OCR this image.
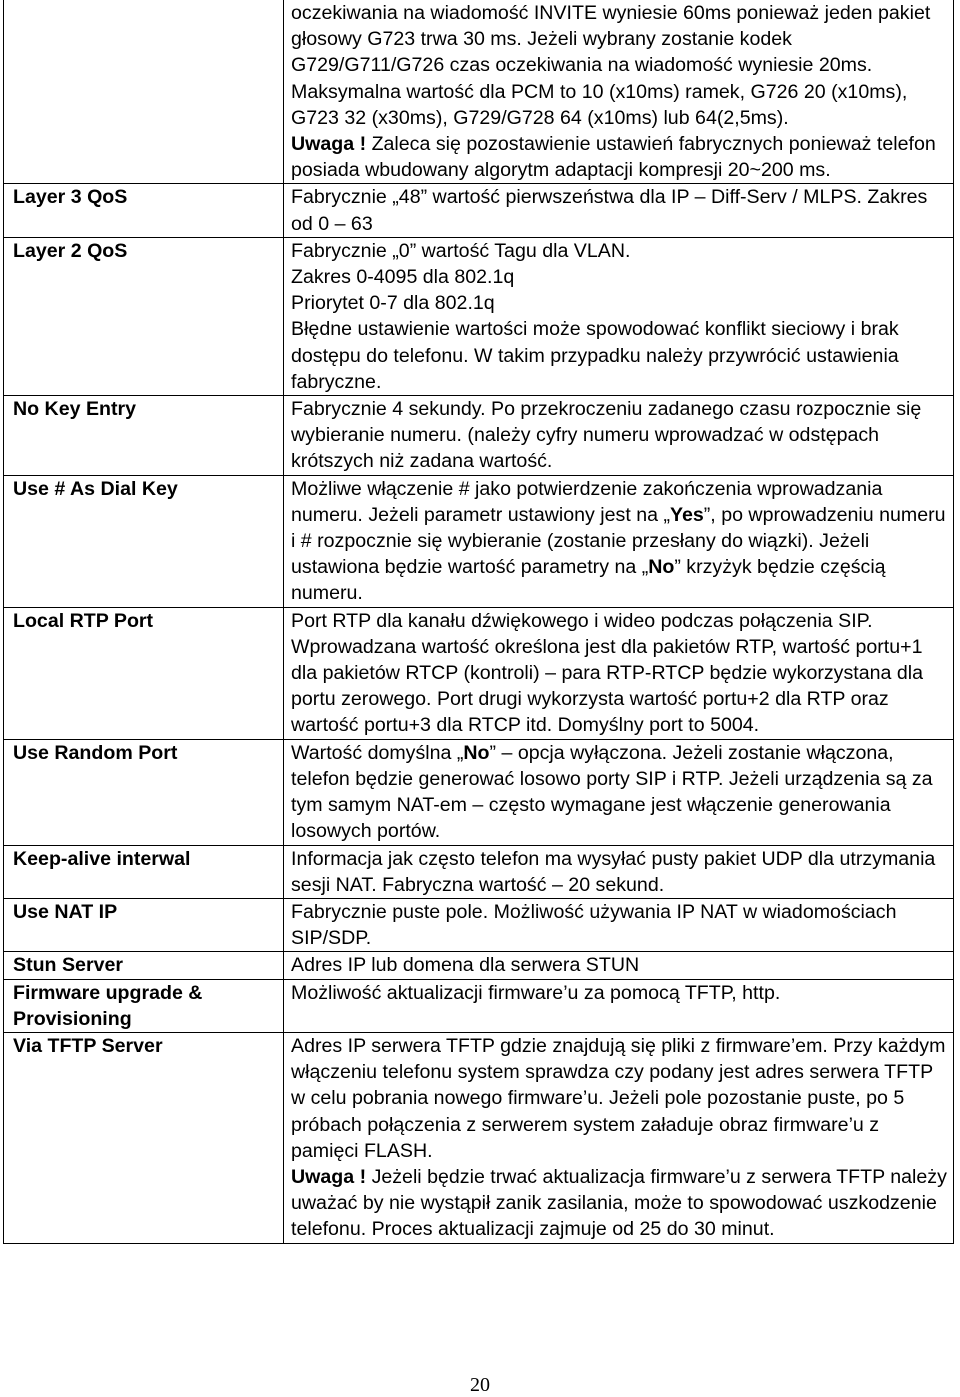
	oczekiwania na wiadomość INVITE wyniesie 60ms ponieważ jeden pakiet głosowy G723 trwa 30 ms. Jeżeli wybrany zostanie kodek G729/G711/G726 czas oczekiwania na wiadomość wyniesie 20ms.
Maksymalna wartość dla PCM to 10 (x10ms) ramek, G726 20 (x10ms), G723 32 (x30ms), G729/G728 64 (x10ms) lub 64(2,5ms).
Uwaga ! Zaleca się pozostawienie ustawień fabrycznych ponieważ telefon posiada wbudowany algorytm adaptacji kompresji 20~200 ms.

Layer 3 QoS	Fabrycznie „48” wartość pierwszeństwa dla IP – Diff-Serv / MLPS. Zakres od 0 – 63

Layer 2 QoS	Fabrycznie „0” wartość Tagu dla VLAN.
Zakres 0-4095 dla 802.1q
Priorytet 0-7 dla 802.1q
Błędne ustawienie wartości może spowodować konflikt sieciowy i brak dostępu do telefonu. W takim przypadku należy przywrócić ustawienia fabryczne.

No Key Entry	Fabrycznie 4 sekundy. Po przekroczeniu zadanego czasu rozpocznie się wybieranie numeru. (należy cyfry numeru wprowadzać w odstępach krótszych niż zadana wartość.

Use # As Dial Key	Możliwe włączenie # jako potwierdzenie zakończenia wprowadzania numeru. Jeżeli parametr ustawiony jest na „Yes”, po wprowadzeniu numeru i # rozpocznie się wybieranie (zostanie przesłany do wiązki). Jeżeli ustawiona będzie wartość parametry na „No” krzyżyk będzie częścią numeru.

Local RTP Port	Port RTP dla kanału dźwiękowego i wideo podczas połączenia SIP. Wprowadzana wartość określona jest dla pakietów RTP, wartość portu+1 dla pakietów RTCP (kontroli) – para RTP-RTCP będzie wykorzystana dla portu zerowego. Port drugi wykorzysta wartość portu+2 dla RTP oraz wartość portu+3 dla RTCP itd. Domyślny port to 5004.

Use Random Port	Wartość domyślna „No” – opcja wyłączona. Jeżeli zostanie włączona, telefon będzie generować losowo porty SIP i RTP. Jeżeli urządzenia są za tym samym NAT-em – często wymagane jest włączenie generowania losowych portów.

Keep-alive interwal	Informacja jak często telefon ma wysyłać pusty pakiet UDP dla utrzymania sesji NAT. Fabryczna wartość – 20 sekund.

Use NAT IP	Fabrycznie puste pole. Możliwość używania IP NAT w wiadomościach SIP/SDP.

Stun Server	Adres IP lub domena dla serwera STUN

Firmware upgrade & Provisioning	Możliwość aktualizacji firmware’u za pomocą TFTP, http.

Via TFTP Server	Adres IP serwera TFTP gdzie znajdują się pliki z firmware’em. Przy każdym włączeniu telefonu system sprawdza czy podany jest adres serwera TFTP w celu pobrania nowego firmware’u. Jeżeli pole pozostanie puste, po 5 próbach połączenia z serwerem system załaduje obraz firmware’u z pamięci FLASH.
Uwaga ! Jeżeli będzie trwać aktualizacja firmware’u z serwera TFTP należy uważać by nie wystąpił zanik zasilania, może to spowodować uszkodzenie telefonu. Proces aktualizacji zajmuje od 25 do 30 minut.
20
